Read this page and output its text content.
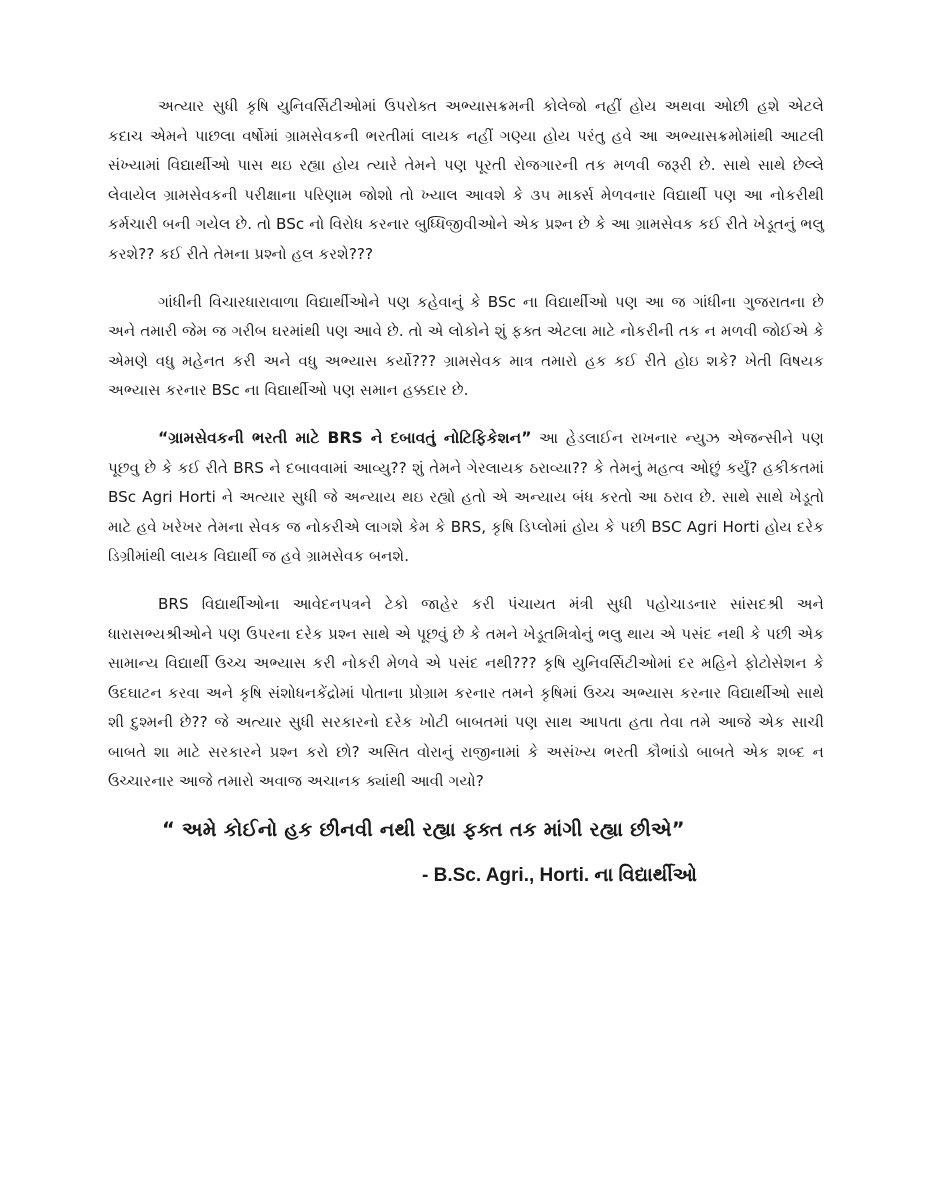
અત્યાર સુધી કૃષિ યુનિવર્સિટીઓમાં ઉપરોક્ત અભ્યાસક્રમની કોલેજો નહીં હોય અથવા ઓછી હશે એટલે કદાચ એમને પાછલા વર્ષોમાં ગ્રામસેવકની ભરતીમાં લાયક નહીં ગણ્યા હોય પરંતુ હવે આ અભ્યાસક્રમોમાંથી આટલી સંખ્યામાં વિદ્યાર્થીઓ પાસ થઇ રહ્યા હોય ત્યારે તેમને પણ પૂરતી રોજગારની તક મળવી જરૂરી છે. સાથે સાથે છેલ્લે લેવાયેલ ગ્રામસેવકની પરીક્ષાના પરિણામ જોશો તો ખ્યાલ આવશે કે ૩૫ માર્ક્સ મેળવનાર વિદ્યાર્થી પણ આ નોકરીથી કર્મચારી બની ગયેલ છે. તો BSc નો વિરોધ કરનાર બુધ્ધિજીવીઓને એક પ્રશ્ન છે કે આ ગ્રામસેવક કઈ રીતે ખેડૂતનું ભલુ કરશે?? કઈ રીતે તેમના પ્રશ્નો હલ કરશે???

ગાંધીની વિચારધારાવાળા વિદ્યાર્થીઓને પણ કહેવાનું કે BSc ના વિદ્યાર્થીઓ પણ આ જ ગાંધીના ગુજરાતના છે અને તમારી જેમ જ ગરીબ ઘરમાંથી પણ આવે છે. તો એ લોકોને શું ફક્ત એટલા માટે નોકરીની તક ન મળવી જોઈએ કે એમણે વધુ મહેનત કરી અને વધુ અભ્યાસ કર્યો??? ગ્રામસેવક માત્ર તમારો હક કઈ રીતે હોઇ શકે? ખેતી વિષયક અભ્યાસ કરનાર BSc ના વિદ્યાર્થીઓ પણ સમાન હક્કદાર છે.

“ગ્રામસેવકની ભરતી માટે BRS ને દબાવતું નોટિફિકેશન” આ હેડલાઈન રાખનાર ન્યુઝ એજન્સીને પણ પૂછવુ છે કે કઈ રીતે BRS ને દબાવવામાં આવ્યુ?? શું તેમને ગેરલાયક ઠરાવ્યા?? કે તેમનું મહત્વ ઓછું કર્યું? હકીકતમાં BSc Agri Horti ને અત્યાર સુધી જે અન્યાય થઇ રહ્યો હતો એ અન્યાય બંધ કરતો આ ઠરાવ છે. સાથે સાથે ખેડૂતો માટે હવે ખરેખર તેમના સેવક જ નોકરીએ લાગશે કેમ કે BRS, કૃષિ ડિપ્લોમાં હોય કે પછી BSC Agri Horti હોય દરેક ડિગ્રીમાંથી લાયક વિદ્યાર્થી જ હવે ગ્રામસેવક બનશે.

BRS વિદ્યાર્થીઓના આવેદનપત્રને ટેકો જાહેર કરી પંચાયત મંત્રી સુધી પહોચાડનાર સાંસદશ્રી અને ધારાસભ્યશ્રીઓને પણ ઉપરના દરેક પ્રશ્ન સાથે એ પૂછવું છે કે તમને ખેડૂતમિત્રોનું ભલુ થાય એ પસંદ નથી કે પછી એક સામાન્ય વિદ્યાર્થી ઉચ્ચ અભ્યાસ કરી નોકરી મેળવે એ પસંદ નથી??? કૃષિ યુનિવર્સિટીઓમાં દર મહિને ફોટોસેશન કે ઉદઘાટન કરવા અને કૃષિ સંશોધનકેંદ્રોમાં પોતાના પ્રોગ્રામ કરનાર તમને કૃષિમાં ઉચ્ચ અભ્યાસ કરનાર વિદ્યાર્થીઓ સાથે શી દુશ્મની છે?? જે અત્યાર સુધી સરકારનો દરેક ખોટી બાબતમાં પણ સાથ આપતા હતા તેવા તમે આજે એક સાચી બાબતે શા માટે સરકારને પ્રશ્ન કરો છો? અસિત વોરાનું રાજીનામાં કે અસંખ્ય ભરતી કૌભાંડો બાબતે એક શબ્દ ન ઉચ્ચારનાર આજે તમારો અવાજ અચાનક ક્યાંથી આવી ગયો?

“ અમે કોઈનો હક છીનવી નથી રહ્યા ફક્ત તક માંગી રહ્યા છીએ”

- B.Sc. Agri., Horti. ના વિદ્યાર્થીઓ
